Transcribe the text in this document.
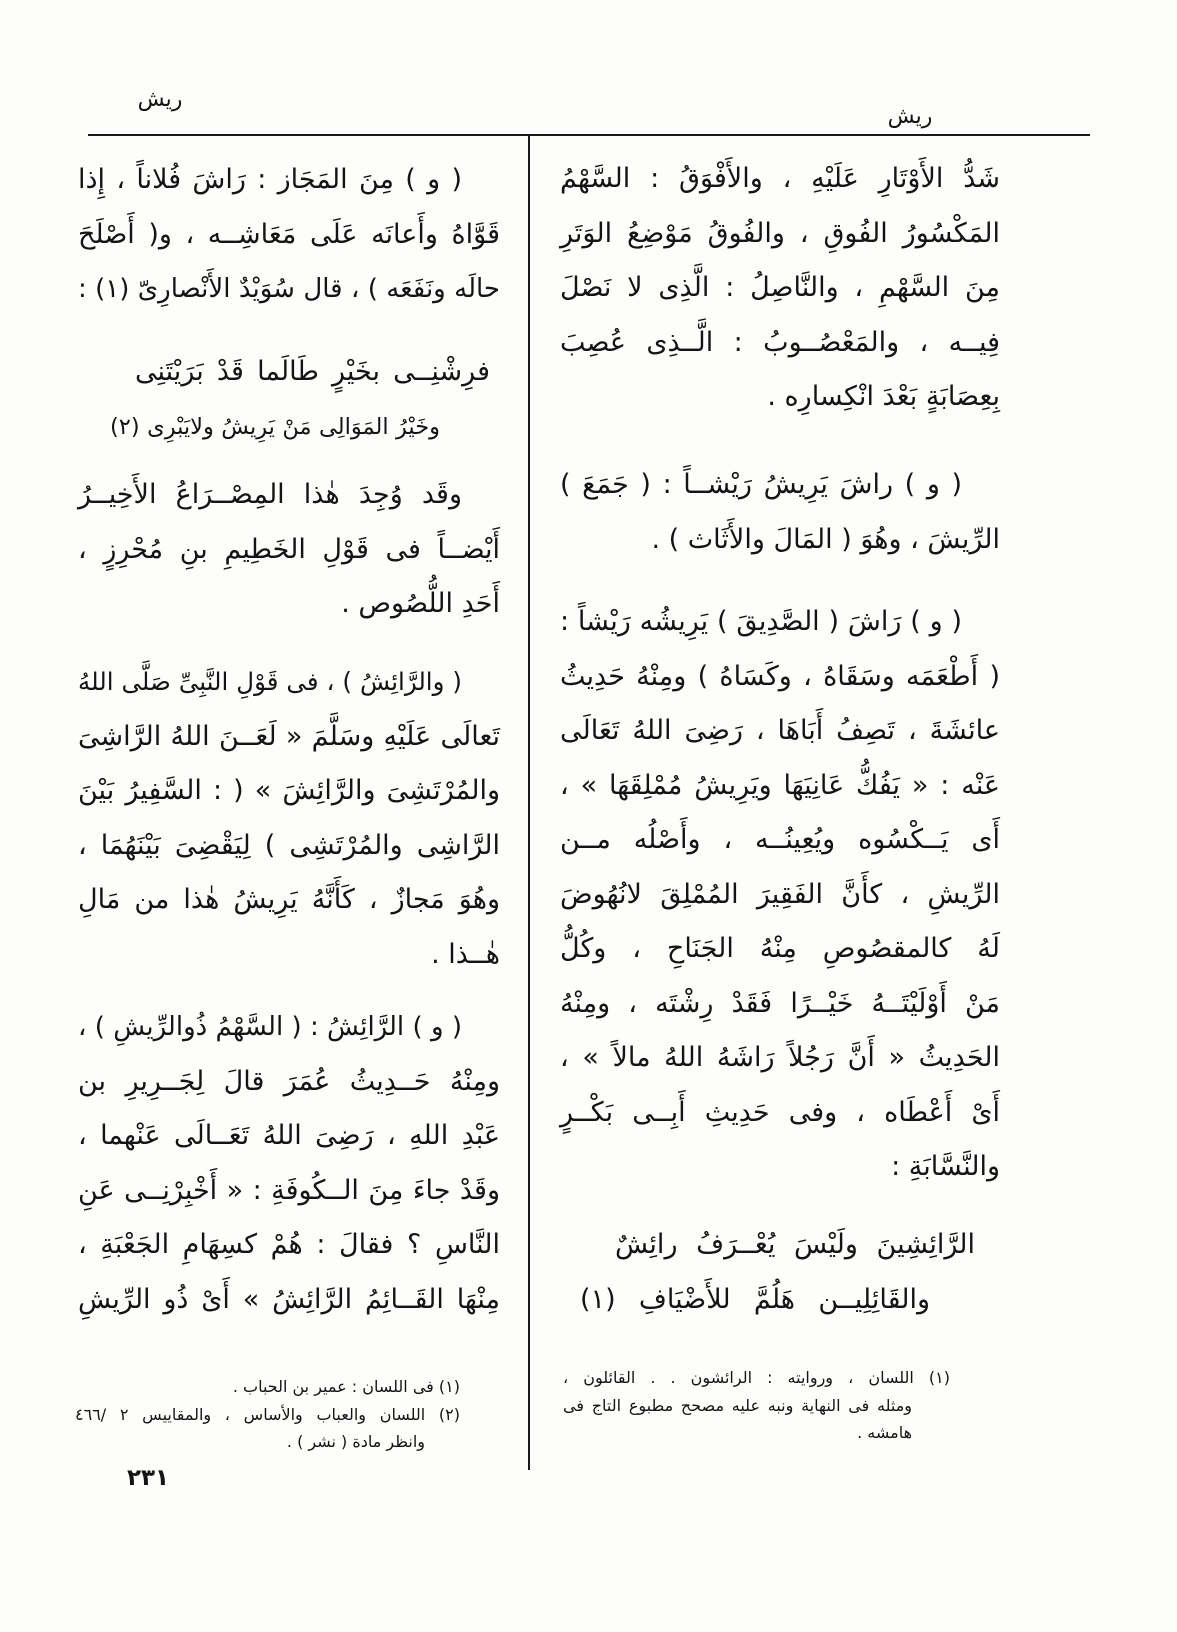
ريش
ريش
شَدُّ الأَوْتَارِ عَلَيْهِ ، والأَفْوَقُ : السَّهْمُ
المَكْسُورُ الفُوقِ ، والفُوقُ مَوْضِعُ الوَتَرِ
مِنَ السَّهْمِ ، والنَّاصِلُ : الَّذِى لا نَصْلَ
فِيــه ، والمَعْصُــوبُ : الَّــذِى عُصِبَ
بِعِصَابَةٍ بَعْدَ انْكِسارِه .
( و ) راشَ يَرِيشُ رَيْشــاً : ( جَمَعَ )
الرِّيشَ ، وهُوَ ( المَالَ والأَثَاث ) .
( و ) رَاشَ ( الصَّدِيقَ ) يَرِيشُه رَيْشاً :
( أَطْعَمَه وسَقَاهُ ، وكَسَاهُ ) ومِنْهُ حَدِيثُ
عائشَةَ ، تَصِفُ أَبَاهَا ، رَضِىَ اللهُ تَعَالَى
عَنْه : « يَفُكُّ عَانِيَهَا ويَرِيشُ مُمْلِقَهَا » ،
أَى يَــكْسُوه ويُعِينُــه ، وأَصْلُه مــن
الرِّيشِ ، كأَنَّ الفَقِيرَ المُمْلِقَ لانُهُوضَ
لَهُ كالمقصُوصِ مِنْهُ الجَنَاحِ ، وكُلُّ
مَنْ أَوْلَيْتَــهُ خَيْــرًا فَقَدْ رِشْتَه ، ومِنْهُ
الحَدِيثُ « أَنَّ رَجُلاً رَاشَهُ اللهُ مالاً » ،
أَىْ أَعْطَاه ، وفى حَدِيثِ أَبِــى بَكْــرٍ
والنَّسَّابَةِ :
الرَّائِشِينَ ولَيْسَ يُعْــرَفُ رائِشٌ
والقَائِلِيــن هَلُمَّ للأَضْيَافِ (١)
(١) اللسان ، وروايته : الرائشون . . القائلون ،
ومثله فى النهاية ونبه عليه مصحح مطبوع التاج فى
هامشه .
( و ) مِنَ المَجَاز : رَاشَ فُلاناً ، إِذا
قَوَّاهُ وأَعانَه عَلَى مَعَاشِــه ، و( أَصْلَحَ
حالَه ونَفَعَه ) ، قال سُوَيْدٌ الأَنْصارِىّ (١) :
فرِشْنِــى بخَيْرٍ طَالَما قَدْ بَرَيْتَنِى
وخَيْرُ المَوَالِى مَنْ يَرِيشُ ولايَبْرِى (٢)
وقَد وُجِدَ هٰذا المِصْــرَاعُ الأَخِيــرُ
أَيْضــاً فى قَوْلِ الخَطِيمِ بنِ مُحْرِزٍ ،
أَحَدِ اللُّصُوص .
( والرَّائِشُ ) ، فى قَوْلِ النَّبِىِّ صَلَّى اللهُ
تَعالَى عَلَيْهِ وسَلَّمَ « لَعَــنَ اللهُ الرَّاشِىَ
والمُرْتَشِىَ والرَّائِشَ » ( : السَّفِيرُ بَيْنَ
الرَّاشِى والمُرْتَشِى ) لِيَقْضِىَ بَيْنَهُمَا ،
وهُوَ مَجازٌ ، كَأَنَّهُ يَرِيشُ هٰذا من مَالِ
هٰــذا .
( و ) الرَّائِشُ : ( السَّهْمُ ذُوالرِّيشِ ) ،
ومِنْهُ حَــدِيثُ عُمَرَ قالَ لِجَــرِيرِ بن
عَبْدِ اللهِ ، رَضِىَ اللهُ تَعَــالَى عَنْهما ،
وقَدْ جاءَ مِنَ الــكُوفَةِ : « أَخْبِرْنِــى عَنِ
النَّاسِ ؟ فقالَ : هُمْ كسِهَامِ الجَعْبَةِ ،
مِنْهَا القَــائِمُ الرَّائِشُ » أَىْ ذُو الرِّيشِ
(١) فى اللسان : عمير بن الحباب .
(٢) اللسان والعباب والأساس ، والمقاييس ٢ /٤٦٦
وانظر مادة ( نشر ) .
٢٣١
